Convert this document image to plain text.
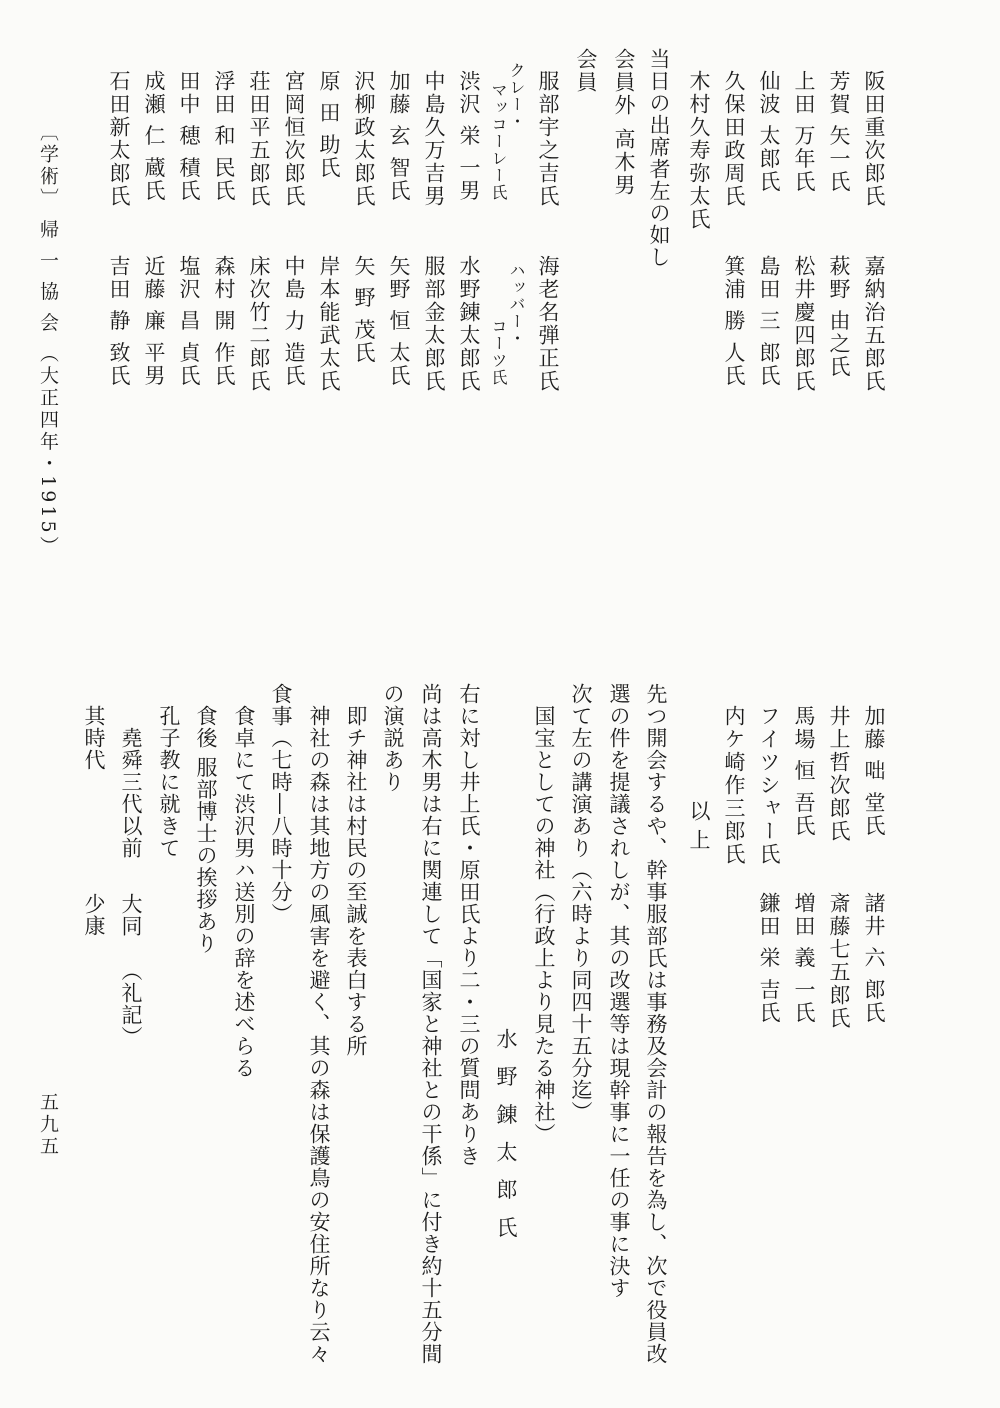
阪田重次郎氏
嘉納治五郎氏
芳賀 矢一氏
萩野 由之氏
上田 万年氏
松井慶四郎氏
仙波 太郎氏
島田 三 郎氏
久保田政周氏
箕浦 勝 人氏
木村久寿弥太氏
当日の出席者左の如し
会員外
高木男
会員
服部宇之吉氏
海老名弾正氏
クレー・
マッコーレー氏
ハッバー・
コーツ氏
渋沢 栄 一男
水野錬太郎氏
中島久万吉男
服部金太郎氏
加藤 玄 智氏
矢野 恒 太氏
沢柳政太郎氏
矢 野 茂氏
原 田 助氏
岸本能武太氏
宮岡恒次郎氏
中島 力 造氏
荘田平五郎氏
床次竹二郎氏
浮田 和 民氏
森村 開 作氏
田中 穂 積氏
塩沢 昌 貞氏
成瀬 仁 蔵氏
近藤 廉 平男
石田新太郎氏
吉田 静 致氏
〔学術〕 帰 一 協 会 （大正四年・1915）
加藤 咄 堂氏
諸井 六 郎氏
井上哲次郎氏
斎藤七五郎氏
馬場 恒 吾氏
増田 義 一氏
フイツシャー氏
鎌田 栄 吉氏
内ケ崎作三郎氏
以上
先つ開会するや、幹事服部氏は事務及会計の報告を為し、次で役員改
選の件を提議されしが、其の改選等は現幹事に一任の事に決す
次て左の講演あり（六時より同四十五分迄）
国宝としての神社（行政上より見たる神社）
水 野 錬 太 郎 氏
右に対し井上氏・原田氏より二・三の質問ありき
尚は高木男は右に関連して「国家と神社との干係」に付き約十五分間
の演説あり
即チ神社は村民の至誠を表白する所
神社の森は其地方の風害を避く、其の森は保護鳥の安住所なり云々
食事（七時―八時十分）
食卓にて渋沢男ハ送別の辞を述べらる
食後 服部博士の挨拶あり
孔子教に就きて
堯舜三代以前
大同
（礼記）
其時代
少康
五九五
